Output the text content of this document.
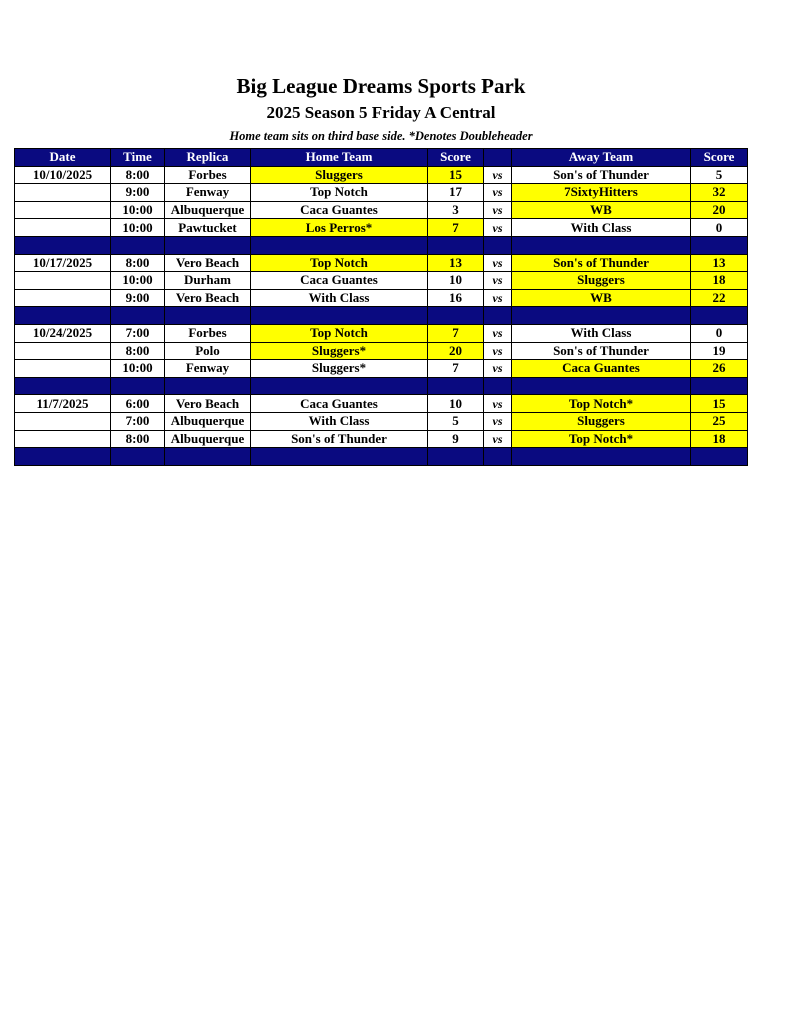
Big League Dreams Sports Park
2025 Season 5 Friday A Central
Home team sits on third base side. *Denotes Doubleheader
Date	Time	Replica	Home Team	Score		Away Team	Score
10/10/2025	8:00	Forbes	Sluggers	15	vs	Son's of Thunder	5
	9:00	Fenway	Top Notch	17	vs	7SixtyHitters	32
	10:00	Albuquerque	Caca Guantes	3	vs	WB	20
	10:00	Pawtucket	Los Perros*	7	vs	With Class	0

10/17/2025	8:00	Vero Beach	Top Notch	13	vs	Son's of Thunder	13
	10:00	Durham	Caca Guantes	10	vs	Sluggers	18
	9:00	Vero Beach	With Class	16	vs	WB	22

10/24/2025	7:00	Forbes	Top Notch	7	vs	With Class	0
	8:00	Polo	Sluggers*	20	vs	Son's of Thunder	19
	10:00	Fenway	Sluggers*	7	vs	Caca Guantes	26

11/7/2025	6:00	Vero Beach	Caca Guantes	10	vs	Top Notch*	15
	7:00	Albuquerque	With Class	5	vs	Sluggers	25
	8:00	Albuquerque	Son's of Thunder	9	vs	Top Notch*	18
